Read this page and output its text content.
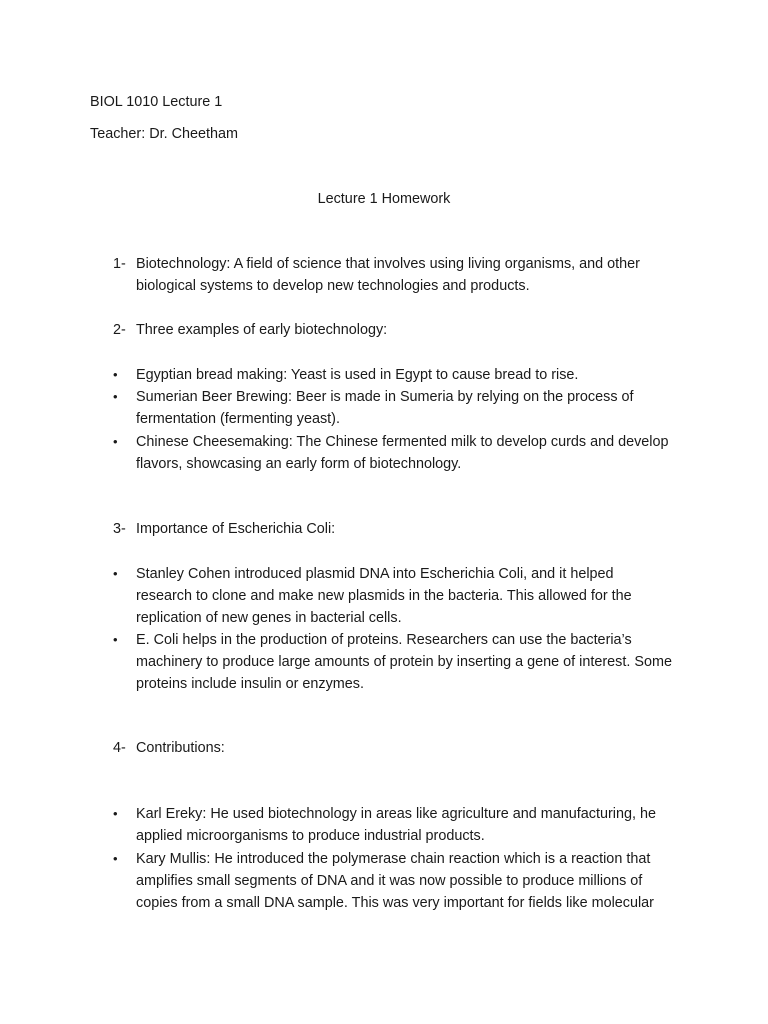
BIOL 1010 Lecture 1
Teacher: Dr. Cheetham
Lecture 1 Homework
1- Biotechnology: A field of science that involves using living organisms, and other
biological systems to develop new technologies and products.
2- Three examples of early biotechnology:
• Egyptian bread making: Yeast is used in Egypt to cause bread to rise.
• Sumerian Beer Brewing: Beer is made in Sumeria by relying on the process of
fermentation (fermenting yeast).
• Chinese Cheesemaking: The Chinese fermented milk to develop curds and develop
flavors, showcasing an early form of biotechnology.
3- Importance of Escherichia Coli:
• Stanley Cohen introduced plasmid DNA into Escherichia Coli, and it helped
research to clone and make new plasmids in the bacteria. This allowed for the
replication of new genes in bacterial cells.
• E. Coli helps in the production of proteins. Researchers can use the bacteria’s
machinery to produce large amounts of protein by inserting a gene of interest. Some
proteins include insulin or enzymes.
4- Contributions:
• Karl Ereky: He used biotechnology in areas like agriculture and manufacturing, he
applied microorganisms to produce industrial products.
• Kary Mullis: He introduced the polymerase chain reaction which is a reaction that
amplifies small segments of DNA and it was now possible to produce millions of
copies from a small DNA sample. This was very important for fields like molecular
